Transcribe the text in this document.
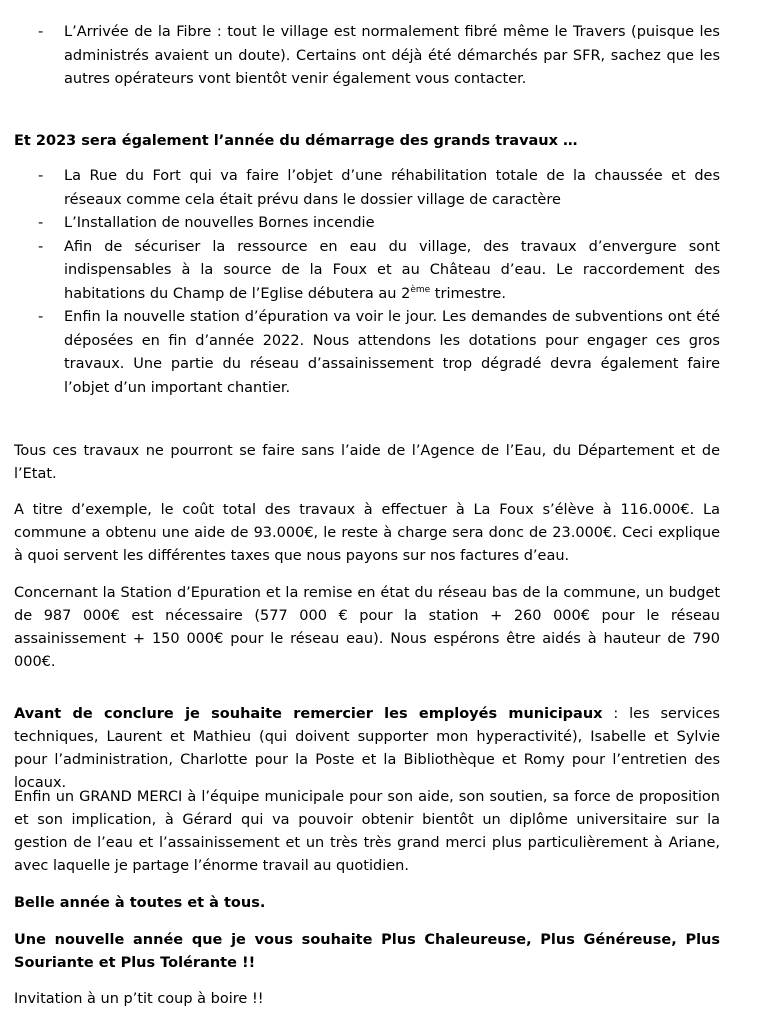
- L’Arrivée de la Fibre : tout le village est normalement fibré même le Travers (puisque les administrés avaient un doute). Certains ont déjà été démarchés par SFR, sachez que les autres opérateurs vont bientôt venir également vous contacter.

Et 2023 sera également l’année du démarrage des grands travaux …

- La Rue du Fort qui va faire l’objet d’une réhabilitation totale de la chaussée et des réseaux comme cela était prévu dans le dossier village de caractère
- L’Installation de nouvelles Bornes incendie
- Afin de sécuriser la ressource en eau du village, des travaux d’envergure sont indispensables à la source de la Foux et au Château d’eau. Le raccordement des habitations du Champ de l’Eglise débutera au 2ème trimestre.
- Enfin la nouvelle station d’épuration va voir le jour. Les demandes de subventions ont été déposées en fin d’année 2022. Nous attendons les dotations pour engager ces gros travaux. Une partie du réseau d’assainissement trop dégradé devra également faire l’objet d’un important chantier.

Tous ces travaux ne pourront se faire sans l’aide de l’Agence de l’Eau, du Département et de l’Etat.

A titre d’exemple, le coût total des travaux à effectuer à La Foux s’élève à 116.000€. La commune a obtenu une aide de 93.000€, le reste à charge sera donc de 23.000€. Ceci explique à quoi servent les différentes taxes que nous payons sur nos factures d’eau.

Concernant la Station d’Epuration et la remise en état du réseau bas de la commune, un budget de 987 000€ est nécessaire (577 000 € pour la station + 260 000€ pour le réseau assainissement + 150 000€ pour le réseau eau). Nous espérons être aidés à hauteur de 790 000€.

Avant de conclure je souhaite remercier les employés municipaux : les services techniques, Laurent et Mathieu (qui doivent supporter mon hyperactivité), Isabelle et Sylvie pour l’administration, Charlotte pour la Poste et la Bibliothèque et Romy pour l’entretien des locaux.

Enfin un GRAND MERCI à l’équipe municipale pour son aide, son soutien, sa force de proposition et son implication, à Gérard qui va pouvoir obtenir bientôt un diplôme universitaire sur la gestion de l’eau et l’assainissement et un très très grand merci plus particulièrement à Ariane, avec laquelle je partage l’énorme travail au quotidien.

Belle année à toutes et à tous.

Une nouvelle année que je vous souhaite Plus Chaleureuse, Plus Généreuse, Plus Souriante et Plus Tolérante !!

Invitation à un p’tit coup à boire !!
